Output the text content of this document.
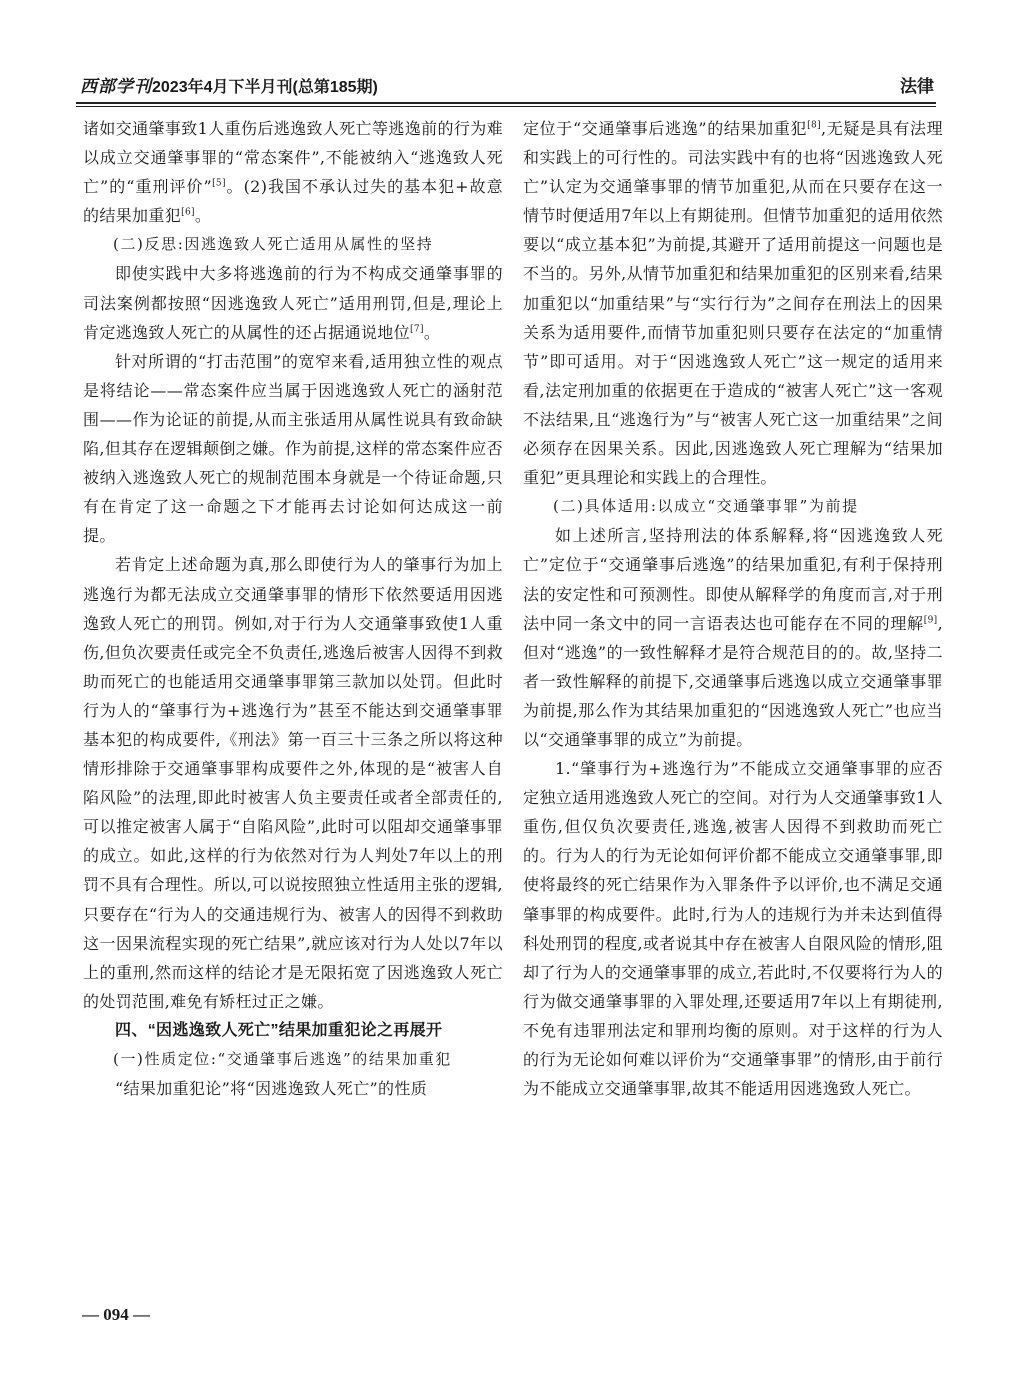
西部学刊2023年4月下半月刊(总第185期)	法律

诸如交通肇事致1人重伤后逃逸致人死亡等逃逸前的行为难以成立交通肇事罪的“常态案件”,不能被纳入“逃逸致人死亡”的“重刑评价”[5]。(2)我国不承认过失的基本犯+故意的结果加重犯[6]。

(二)反思:因逃逸致人死亡适用从属性的坚持

即使实践中大多将逃逸前的行为不构成交通肇事罪的司法案例都按照“因逃逸致人死亡”适用刑罚,但是,理论上肯定逃逸致人死亡的从属性的还占据通说地位[7]。

针对所谓的“打击范围”的宽窄来看,适用独立性的观点是将结论——常态案件应当属于因逃逸致人死亡的涵射范围——作为论证的前提,从而主张适用从属性说具有致命缺陷,但其存在逻辑颠倒之嫌。作为前提,这样的常态案件应否被纳入逃逸致人死亡的规制范围本身就是一个待证命题,只有在肯定了这一命题之下才能再去讨论如何达成这一前提。

若肯定上述命题为真,那么即使行为人的肇事行为加上逃逸行为都无法成立交通肇事罪的情形下依然要适用因逃逸致人死亡的刑罚。例如,对于行为人交通肇事致使1人重伤,但负次要责任或完全不负责任,逃逸后被害人因得不到救助而死亡的也能适用交通肇事罪第三款加以处罚。但此时行为人的“肇事行为+逃逸行为”甚至不能达到交通肇事罪基本犯的构成要件,《刑法》第一百三十三条之所以将这种情形排除于交通肇事罪构成要件之外,体现的是“被害人自陷风险”的法理,即此时被害人负主要责任或者全部责任的,可以推定被害人属于“自陷风险”,此时可以阻却交通肇事罪的成立。如此,这样的行为依然对行为人判处7年以上的刑罚不具有合理性。所以,可以说按照独立性适用主张的逻辑,只要存在“行为人的交通违规行为、被害人的因得不到救助这一因果流程实现的死亡结果”,就应该对行为人处以7年以上的重刑,然而这样的结论才是无限拓宽了因逃逸致人死亡的处罚范围,难免有矫枉过正之嫌。

四、“因逃逸致人死亡”结果加重犯论之再展开

(一)性质定位:“交通肇事后逃逸”的结果加重犯

“结果加重犯论”将“因逃逸致人死亡”的性质

定位于“交通肇事后逃逸”的结果加重犯[8],无疑是具有法理和实践上的可行性的。司法实践中有的也将“因逃逸致人死亡”认定为交通肇事罪的情节加重犯,从而在只要存在这一情节时便适用7年以上有期徒刑。但情节加重犯的适用依然要以“成立基本犯”为前提,其避开了适用前提这一问题也是不当的。另外,从情节加重犯和结果加重犯的区别来看,结果加重犯以“加重结果”与“实行行为”之间存在刑法上的因果关系为适用要件,而情节加重犯则只要存在法定的“加重情节”即可适用。对于“因逃逸致人死亡”这一规定的适用来看,法定刑加重的依据更在于造成的“被害人死亡”这一客观不法结果,且“逃逸行为”与“被害人死亡这一加重结果”之间必须存在因果关系。因此,因逃逸致人死亡理解为“结果加重犯”更具理论和实践上的合理性。

(二)具体适用:以成立“交通肇事罪”为前提

如上述所言,坚持刑法的体系解释,将“因逃逸致人死亡”定位于“交通肇事后逃逸”的结果加重犯,有利于保持刑法的安定性和可预测性。即使从解释学的角度而言,对于刑法中同一条文中的同一言语表达也可能存在不同的理解[9],但对“逃逸”的一致性解释才是符合规范目的的。故,坚持二者一致性解释的前提下,交通肇事后逃逸以成立交通肇事罪为前提,那么作为其结果加重犯的“因逃逸致人死亡”也应当以“交通肇事罪的成立”为前提。

1.“肇事行为+逃逸行为”不能成立交通肇事罪的应否定独立适用逃逸致人死亡的空间。对行为人交通肇事致1人重伤,但仅负次要责任,逃逸,被害人因得不到救助而死亡的。行为人的行为无论如何评价都不能成立交通肇事罪,即使将最终的死亡结果作为入罪条件予以评价,也不满足交通肇事罪的构成要件。此时,行为人的违规行为并未达到值得科处刑罚的程度,或者说其中存在被害人自限风险的情形,阻却了行为人的交通肇事罪的成立,若此时,不仅要将行为人的行为做交通肇事罪的入罪处理,还要适用7年以上有期徒刑,不免有违罪刑法定和罪刑均衡的原则。对于这样的行为人的行为无论如何难以评价为“交通肇事罪”的情形,由于前行为不能成立交通肇事罪,故其不能适用因逃逸致人死亡。

— 094 —
